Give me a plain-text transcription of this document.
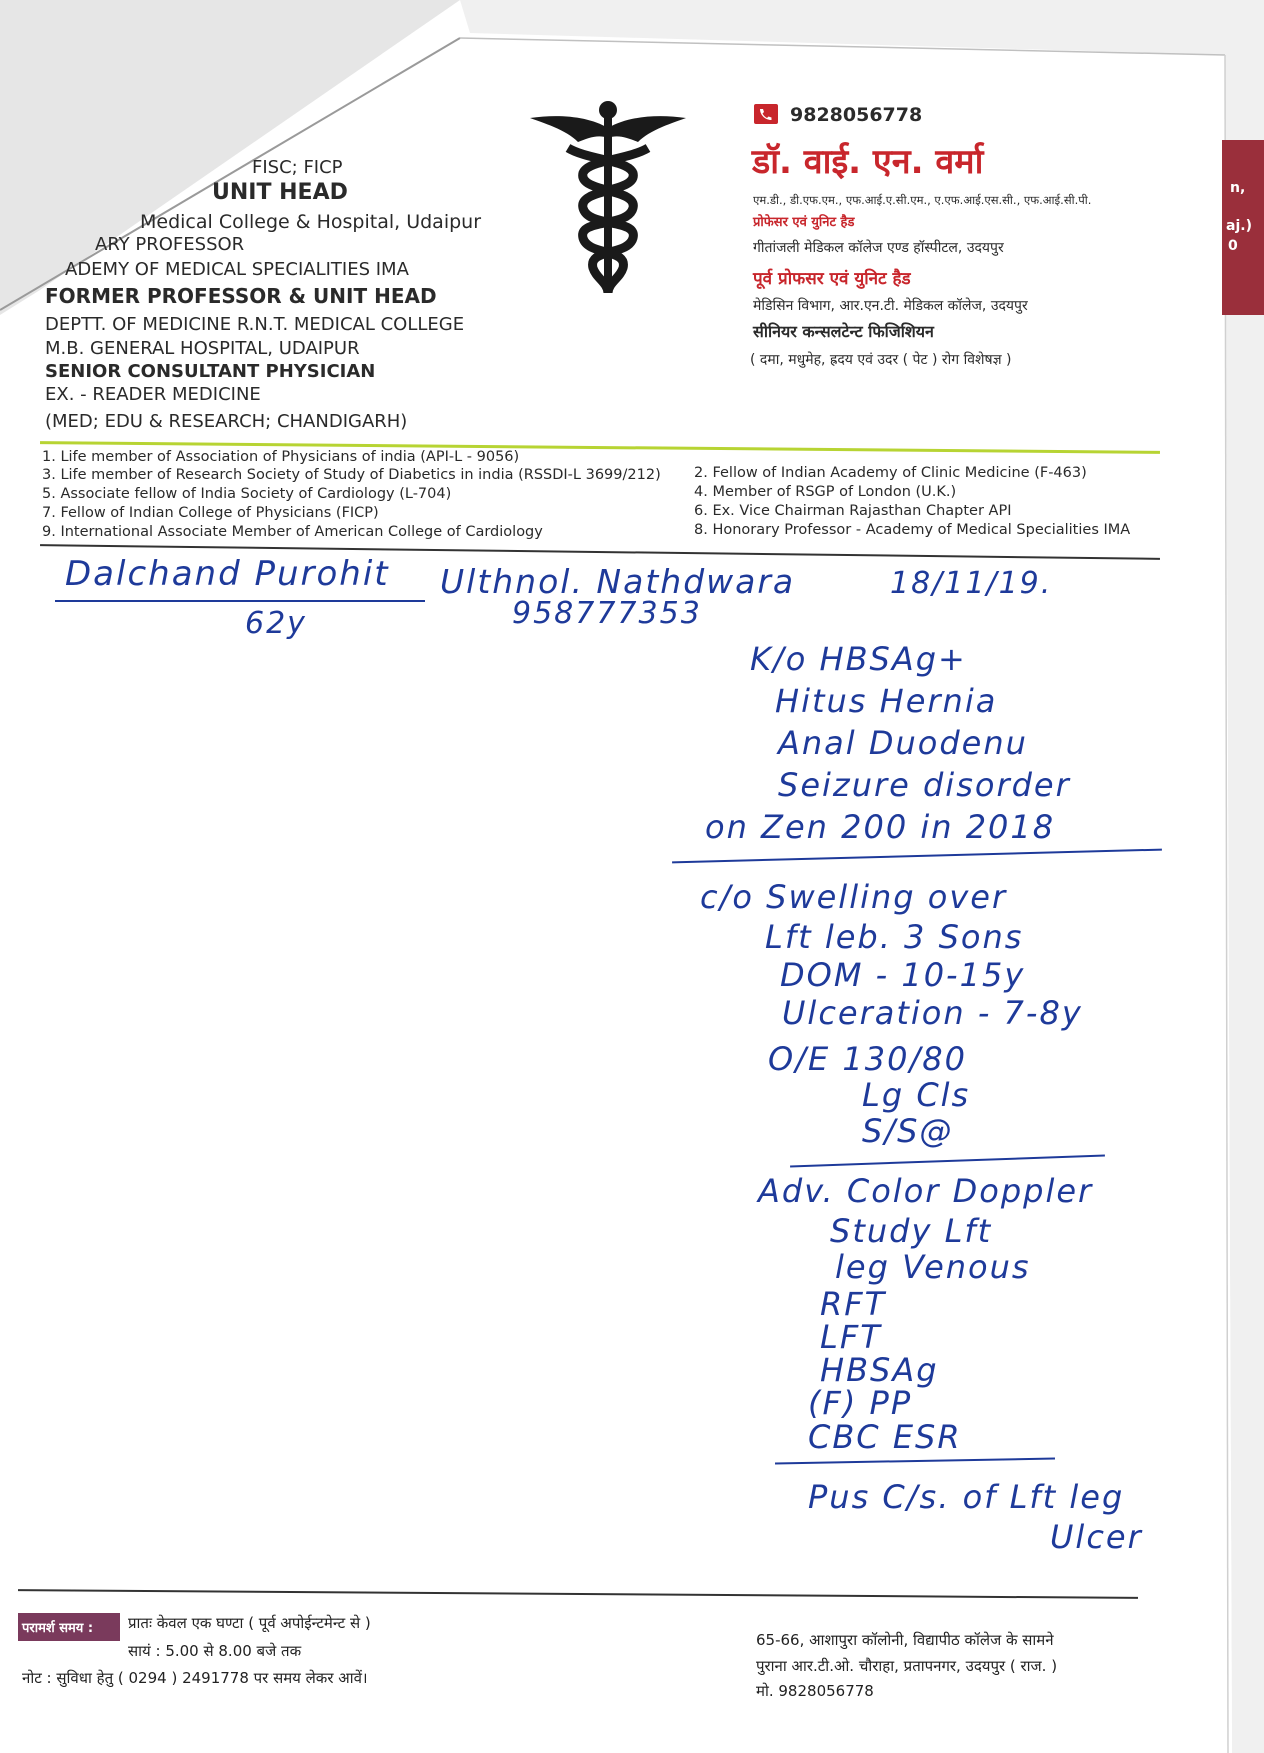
n,
aj.)
0
FISC; FICP
UNIT HEAD
Medical College & Hospital, Udaipur
ARY PROFESSOR
ADEMY OF MEDICAL SPECIALITIES IMA
FORMER PROFESSOR & UNIT HEAD
DEPTT. OF MEDICINE R.N.T. MEDICAL COLLEGE
M.B. GENERAL HOSPITAL, UDAIPUR
SENIOR CONSULTANT PHYSICIAN
EX. - READER MEDICINE
(MED; EDU & RESEARCH; CHANDIGARH)
9828056778
डॉ. वाई. एन. वर्मा
एम.डी., डी.एफ.एम., एफ.आई.ए.सी.एम., ए.एफ.आई.एस.सी., एफ.आई.सी.पी.
प्रोफेसर एवं युनिट हैड
गीतांजली मेडिकल कॉलेज एण्ड हॉस्पीटल, उदयपुर
पूर्व प्रोफसर एवं युनिट हैड
मेडिसिन विभाग, आर.एन.टी. मेडिकल कॉलेज, उदयपुर
सीनियर कन्सलटेन्ट फिजिशियन
( दमा, मधुमेह, ह्रदय एवं उदर ( पेट ) रोग विशेषज्ञ )
1. Life member of Association of Physicians of india (API-L - 9056)
3. Life member of Research Society of Study of Diabetics in india (RSSDI-L 3699/212)
5. Associate fellow of India Society of Cardiology (L-704)
7. Fellow of Indian College of Physicians (FICP)
9. International Associate Member of American College of Cardiology
2. Fellow of Indian Academy of Clinic Medicine (F-463)
4. Member of RSGP of London (U.K.)
6. Ex. Vice Chairman Rajasthan Chapter API
8. Honorary Professor - Academy of Medical Specialities IMA
Dalchand Purohit Ulthnol. Nathdwara	18/11/19.
62y	958777353
K/o HBSAg+
Hitus Hernia
Anal Duodenu
Seizure disorder
on Zen 200 in 2018
c/o Swelling over
Lft leb. 3 Sons
DOM - 10-15y
Ulceration - 7-8y
O/E 130/80
Lg Cls
S/S@
Adv. Color Doppler
Study Lft
leg Venous
RFT
LFT
HBSAg
(F) PP
CBC ESR
Pus C/s. of Lft leg
Ulcer
परामर्श समय : प्रातः केवल एक घण्टा ( पूर्व अपोईन्टमेन्ट से )
सायं : 5.00 से 8.00 बजे तक
नोट : सुविधा हेतु ( 0294 ) 2491778 पर समय लेकर आवें।
65-66, आशापुरा कॉलोनी, विद्यापीठ कॉलेज के सामने
पुराना आर.टी.ओ. चौराहा, प्रतापनगर, उदयपुर ( राज. )
मो. 9828056778
